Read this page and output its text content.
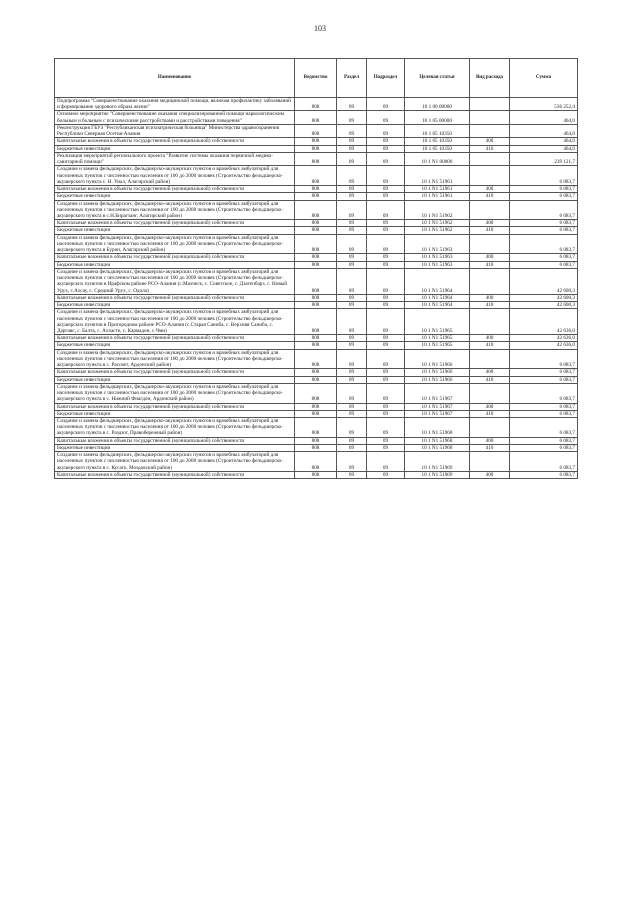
103
Наименование	Ведомство	Раздел	Подраздел	Целевая статья	Вид расхода	Сумма
Подпрограмма "Совершенствование оказания медицинской помощи, включая профилактику заболеваний и формирование здорового образа жизни"	808	09	09	10 1 00 00000		536 252,4
Основное мероприятие "Совершенствование оказания специализированной помощи наркологическим больным и больным с психическими расстройствами и расстройствами поведения"	808	09	09	10 1 05 00000		464,0
Реконструкция ГБУЗ "Республиканская психиатрическая больница" Министерства здравоохранения Республики Северная Осетия-Алания	808	09	09	10 1 05 10350		464,0
Капитальные вложения в объекты государственной (муниципальной) собственности	808	09	09	10 1 05 10350	400	464,0
Бюджетные инвестиции	808	09	09	10 1 05 10350	410	464,0
Реализация мероприятий регионального проекта "Развитие системы оказания первичной медико-санитарной помощи"	808	09	09	10 1 N1 00000		239 121,7
Создание и замена фельдшерских, фельдшерско-акушерских пунктов и врачебных амбулаторий для населенных пунктов с численностью населения от 100 до 2000 человек (Строительство фельдшерско-акушерского пункта с. Н. Унал, Алагирский район)	808	09	09	10 1 N1 51961		6 083,7
Капитальные вложения в объекты государственной (муниципальной) собственности	808	09	09	10 1 N1 51961	400	6 083,7
Бюджетные инвестиции	808	09	09	10 1 N1 51961	410	6 083,7
Создание и замена фельдшерских, фельдшерско-акушерских пунктов и врачебных амбулаторий для населенных пунктов с численностью населения от 100 до 2000 человек (Строительство фельдшерско-акушерского пункта в с.Н.Бирагзанг, Алагирский район)	808	09	09	10 1 N1 51962		6 083,7
Капитальные вложения в объекты государственной (муниципальной) собственности	808	09	09	10 1 N1 51962	400	6 083,7
Бюджетные инвестиции	808	09	09	10 1 N1 51962	410	6 083,7
Создание и замена фельдшерских, фельдшерско-акушерских пунктов и врачебных амбулаторий для населенных пунктов с численностью населения от 100 до 2000 человек (Строительство фельдшерско-акушерского пункта в Бурон, Алагирский район)	808	09	09	10 1 N1 51963		6 083,7
Капитальные вложения в объекты государственной (муниципальной) собственности	808	09	09	10 1 N1 51963	400	6 083,7
Бюджетные инвестиции	808	09	09	10 1 N1 51963	410	6 083,7
Создание и замена фельдшерских, фельдшерско-акушерских пунктов и врачебных амбулаторий для населенных пунктов с численностью населения от 100 до 2000 человек (Строительство фельдшерско-акушерских пунктов в Ирафском районе РСО-Алания (с.Махческ, с. Советское, с. Дзагепбарз, с. Новый Урух, с.Ахсау, с. Средний Урух, с. Одола)	808	09	09	10 1 N1 51964		42 600,3
Капитальные вложения в объекты государственной (муниципальной) собственности	808	09	09	10 1 N1 51964	400	42 600,3
Бюджетные инвестиции	808	09	09	10 1 N1 51964	410	42 600,3
Создание и замена фельдшерских, фельдшерско-акушерских пунктов и врачебных амбулаторий для населенных пунктов с численностью населения от 100 до 2000 человек (Строительство фельдшерско-акушерских пунктов в Пригородном районе РСО-Алания (с.Старая Саниба, с. Верхняя Саниба, с. Даргавс, с. Балта, с. Алхасте, с. Кармадон, с.Чми)	808	09	09	10 1 N1 51965		42 636,0
Капитальные вложения в объекты государственной (муниципальной) собственности	808	09	09	10 1 N1 51965	400	42 636,0
Бюджетные инвестиции	808	09	09	10 1 N1 51965	410	42 636,0
Создание и замена фельдшерских, фельдшерско-акушерских пунктов и врачебных амбулаторий для населенных пунктов с численностью населения от 100 до 2000 человек (Строительство фельдшерско-акушерского пункта в с. Рассвет, Ардонский район)	808	09	09	10 1 N1 51966		6 083,7
Капитальные вложения в объекты государственной (муниципальной) собственности	808	09	09	10 1 N1 51966	400	6 083,7
Бюджетные инвестиции	808	09	09	10 1 N1 51966	410	6 083,7
Создание и замена фельдшерских, фельдшерско-акушерских пунктов и врачебных амбулаторий для населенных пунктов с численностью населения от 100 до 2000 человек (Строительство фельдшерско-акушерского пункта в с. Нижний Фиагдон, Ардонский район)	808	09	09	10 1 N1 51967		6 083,7
Капитальные вложения в объекты государственной (муниципальной) собственности	808	09	09	10 1 N1 51967	400	6 083,7
Бюджетные инвестиции	808	09	09	10 1 N1 51967	410	6 083,7
Создание и замена фельдшерских, фельдшерско-акушерских пунктов и врачебных амбулаторий для населенных пунктов с численностью населения от 100 до 2000 человек (Строительство фельдшерско-акушерского пункта в с. Раздзог, Правобережный район)	808	09	09	10 1 N1 51968		6 083,7
Капитальные вложения в объекты государственной (муниципальной) собственности	808	09	09	10 1 N1 51968	400	6 083,7
Бюджетные инвестиции	808	09	09	10 1 N1 51968	410	6 083,7
Создание и замена фельдшерских, фельдшерско-акушерских пунктов и врачебных амбулаторий для населенных пунктов с численностью населения от 100 до 2000 человек (Строительство фельдшерско-акушерского пункта в с. Кусаго, Моздокский район)	808	09	09	10 1 N1 51969		6 083,7
Капитальные вложения в объекты государственной (муниципальной) собственности	808	09	09	10 1 N1 51969	400	6 083,7
